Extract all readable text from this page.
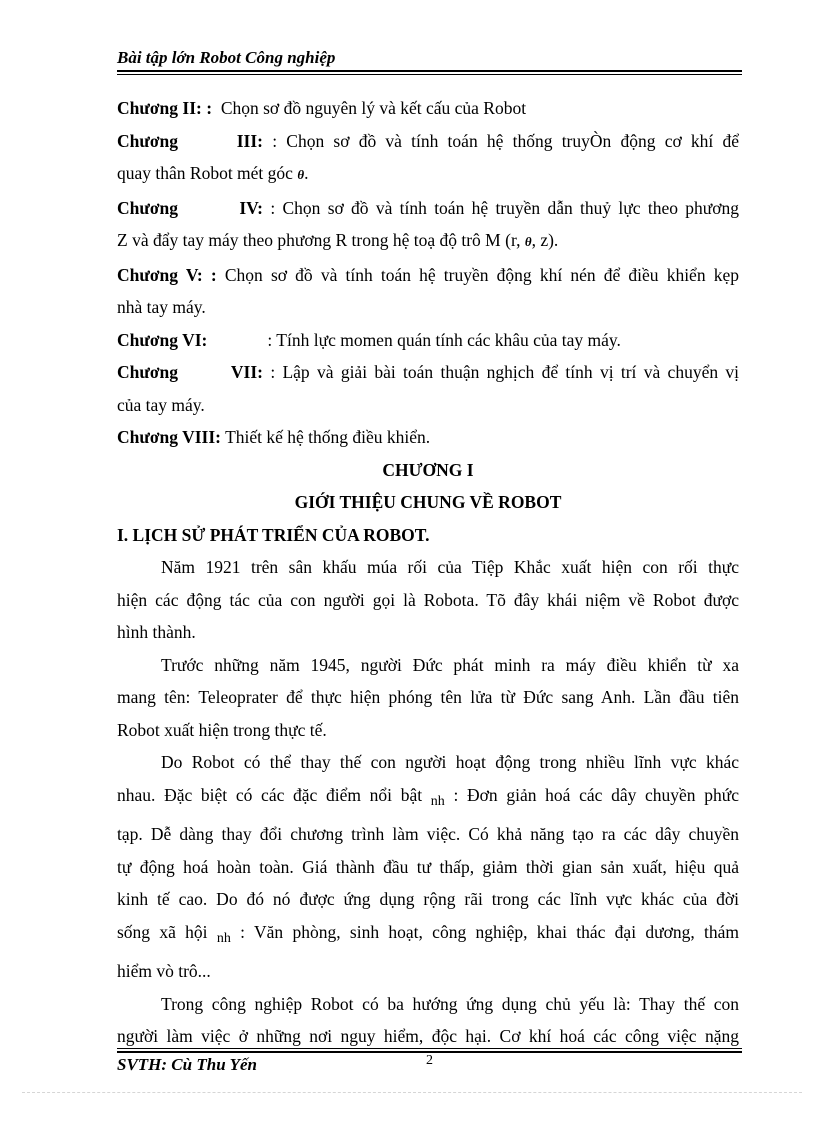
Bài tập lớn Robot Công nghiệp
Chương II: : Chọn sơ đồ nguyên lý và kết cấu của Robot
Chương III: : Chọn sơ đồ và tính toán hệ thống truyÒn động cơ khí để
quay thân Robot mét góc θ.
Chương IV: : Chọn sơ đồ và tính toán hệ truyền dẫn thuỷ lực theo phương
Z và đẩy tay máy theo phương R trong hệ toạ độ trô M (r, θ, z).
Chương V: : Chọn sơ đồ và tính toán hệ truyền động khí nén để điều khiển kẹp
nhà tay máy.
Chương VI:	: Tính lực momen quán tính các khâu của tay máy.
Chương VII: : Lập và giải bài toán thuận nghịch để tính vị trí và chuyển vị
của tay máy.
Chương VIII: Thiết kế hệ thống điều khiển.
CHƯƠNG I
GIỚI THIỆU CHUNG VỀ ROBOT
I. LỊCH SỬ PHÁT TRIỂN CỦA ROBOT.
Năm 1921 trên sân khấu múa rối của Tiệp Khắc xuất hiện con rối thực
hiện các động tác của con người gọi là Robota. Tõ đây khái niệm về Robot được
hình thành.
Trước những năm 1945, người Đức phát minh ra máy điều khiển từ xa
mang tên: Teleoprater để thực hiện phóng tên lửa từ Đức sang Anh. Lần đầu tiên
Robot xuất hiện trong thực tế.
Do Robot có thể thay thế con người hoạt động trong nhiều lĩnh vực khác
nhau. Đặc biệt có các đặc điểm nổi bật $_{nh}$ : Đơn giản hoá các dây chuyền phức
tạp. Dễ dàng thay đổi chương trình làm việc. Có khả năng tạo ra các dây chuyền
tự động hoá hoàn toàn. Giá thành đầu tư thấp, giảm thời gian sản xuất, hiệu quả
kinh tế cao. Do đó nó được ứng dụng rộng rãi trong các lĩnh vực khác của đời
sống xã hội $_{nh}$ : Văn phòng, sinh hoạt, công nghiệp, khai thác đại dương, thám
hiểm vò trô...
Trong công nghiệp Robot có ba hướng ứng dụng chủ yếu là: Thay thế con
người làm việc ở những nơi nguy hiểm, độc hại. Cơ khí hoá các công việc nặng
SVTH: Cù Thu Yến	2
